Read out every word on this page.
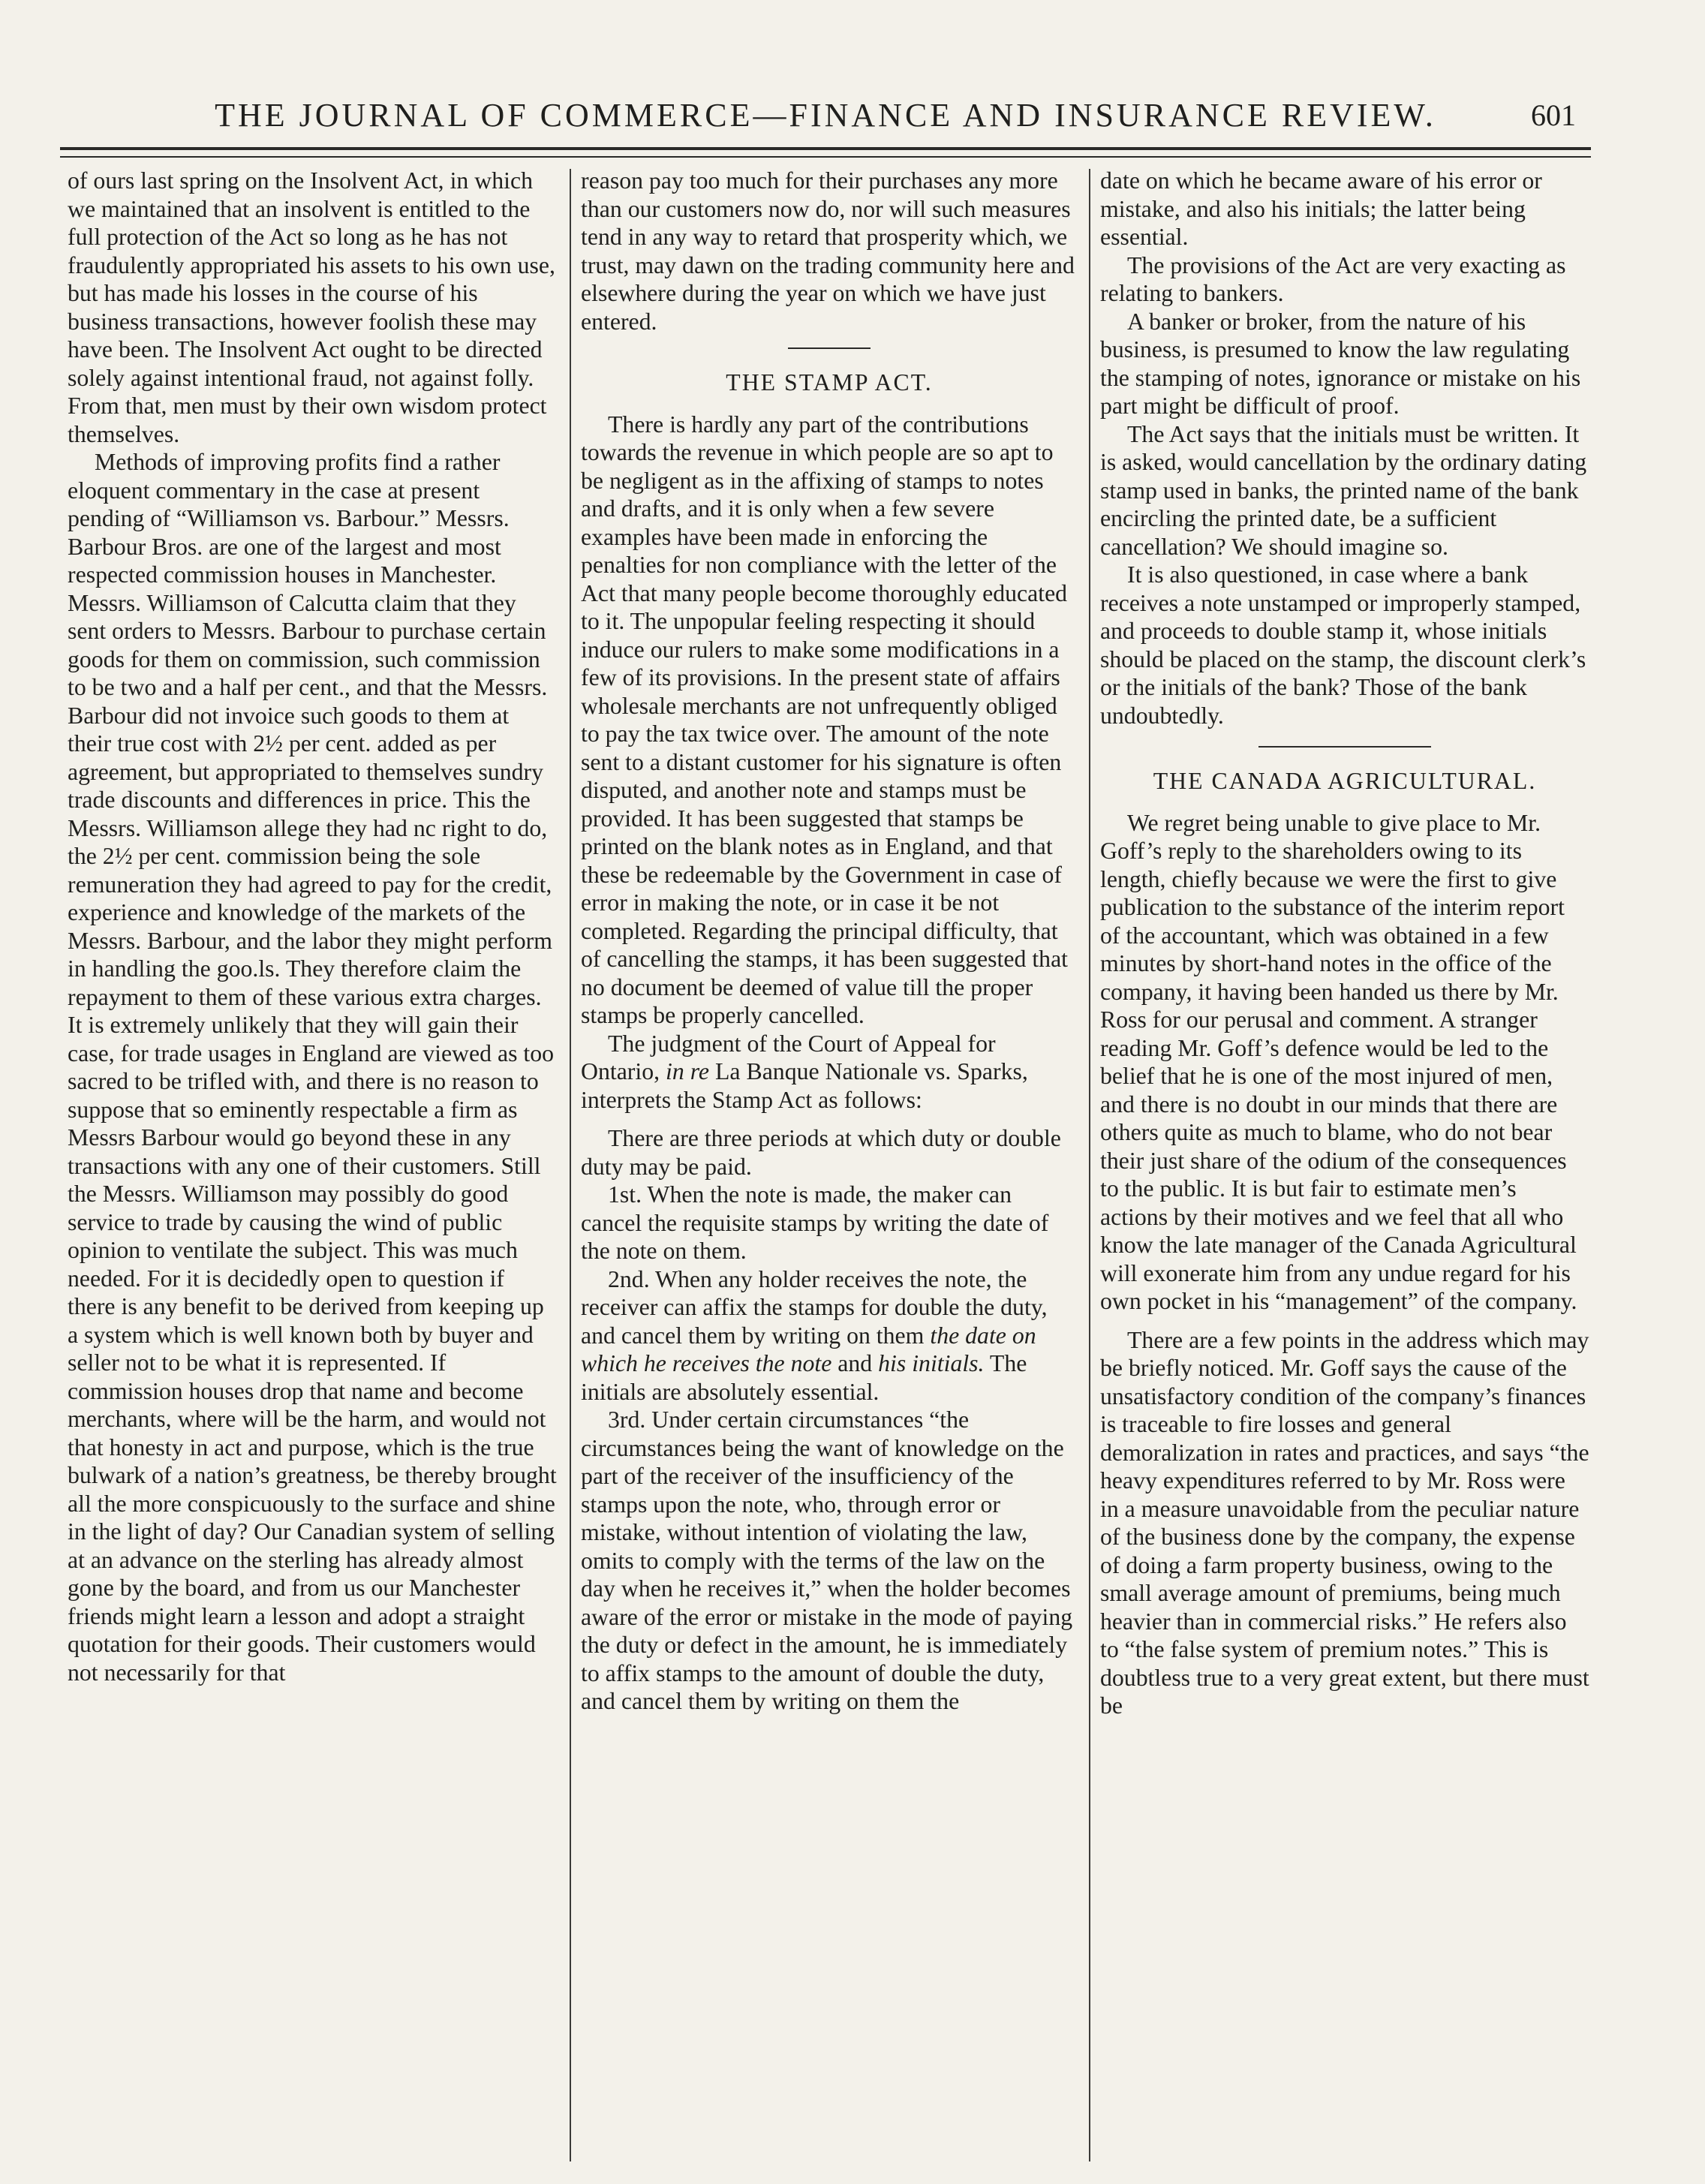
THE JOURNAL OF COMMERCE—FINANCE AND INSURANCE REVIEW.	601

of ours last spring on the Insolvent Act, in which we maintained that an insolvent is entitled to the full protection of the Act so long as he has not fraudulently appropriated his assets to his own use, but has made his losses in the course of his business transactions, however foolish these may have been. The Insolvent Act ought to be directed solely against intentional fraud, not against folly. From that, men must by their own wisdom protect themselves.

Methods of improving profits find a rather eloquent commentary in the case at present pending of “Williamson vs. Barbour.” Messrs. Barbour Bros. are one of the largest and most respected commission houses in Manchester. Messrs. Williamson of Calcutta claim that they sent orders to Messrs. Barbour to purchase certain goods for them on commission, such commission to be two and a half per cent., and that the Messrs. Barbour did not invoice such goods to them at their true cost with 2½ per cent. added as per agreement, but appropriated to themselves sundry trade discounts and differences in price. This the Messrs. Williamson allege they had nc right to do, the 2½ per cent. commission being the sole remuneration they had agreed to pay for the credit, experience and knowledge of the markets of the Messrs. Barbour, and the labor they might perform in handling the goo.ls. They therefore claim the repayment to them of these various extra charges. It is extremely unlikely that they will gain their case, for trade usages in England are viewed as too sacred to be trifled with, and there is no reason to suppose that so eminently respectable a firm as Messrs Barbour would go beyond these in any transactions with any one of their customers. Still the Messrs. Williamson may possibly do good service to trade by causing the wind of public opinion to ventilate the subject. This was much needed. For it is decidedly open to question if there is any benefit to be derived from keeping up a system which is well known both by buyer and seller not to be what it is represented. If commission houses drop that name and become merchants, where will be the harm, and would not that honesty in act and purpose, which is the true bulwark of a nation’s greatness, be thereby brought all the more conspicuously to the surface and shine in the light of day? Our Canadian system of selling at an advance on the sterling has already almost gone by the board, and from us our Manchester friends might learn a lesson and adopt a straight quotation for their goods. Their customers would not necessarily for that

reason pay too much for their purchases any more than our customers now do, nor will such measures tend in any way to retard that prosperity which, we trust, may dawn on the trading community here and elsewhere during the year on which we have just entered.

THE STAMP ACT.

There is hardly any part of the contributions towards the revenue in which people are so apt to be negligent as in the affixing of stamps to notes and drafts, and it is only when a few severe examples have been made in enforcing the penalties for non compliance with the letter of the Act that many people become thoroughly educated to it. The unpopular feeling respecting it should induce our rulers to make some modifications in a few of its provisions. In the present state of affairs wholesale merchants are not unfrequently obliged to pay the tax twice over. The amount of the note sent to a distant customer for his signature is often disputed, and another note and stamps must be provided. It has been suggested that stamps be printed on the blank notes as in England, and that these be redeemable by the Government in case of error in making the note, or in case it be not completed. Regarding the principal difficulty, that of cancelling the stamps, it has been suggested that no document be deemed of value till the proper stamps be properly cancelled.

The judgment of the Court of Appeal for Ontario, in re La Banque Nationale vs. Sparks, interprets the Stamp Act as follows:

There are three periods at which duty or double duty may be paid.

1st. When the note is made, the maker can cancel the requisite stamps by writing the date of the note on them.

2nd. When any holder receives the note, the receiver can affix the stamps for double the duty, and cancel them by writing on them the date on which he receives the note and his initials. The initials are absolutely essential.

3rd. Under certain circumstances “the circumstances being the want of knowledge on the part of the receiver of the insufficiency of the stamps upon the note, who, through error or mistake, without intention of violating the law, omits to comply with the terms of the law on the day when he receives it,” when the holder becomes aware of the error or mistake in the mode of paying the duty or defect in the amount, he is immediately to affix stamps to the amount of double the duty, and cancel them by writing on them the

date on which he became aware of his error or mistake, and also his initials; the latter being essential.

The provisions of the Act are very exacting as relating to bankers.

A banker or broker, from the nature of his business, is presumed to know the law regulating the stamping of notes, ignorance or mistake on his part might be difficult of proof.

The Act says that the initials must be written. It is asked, would cancellation by the ordinary dating stamp used in banks, the printed name of the bank encircling the printed date, be a sufficient cancellation? We should imagine so.

It is also questioned, in case where a bank receives a note unstamped or improperly stamped, and proceeds to double stamp it, whose initials should be placed on the stamp, the discount clerk’s or the initials of the bank? Those of the bank undoubtedly.

THE CANADA AGRICULTURAL.

We regret being unable to give place to Mr. Goff’s reply to the shareholders owing to its length, chiefly because we were the first to give publication to the substance of the interim report of the accountant, which was obtained in a few minutes by short-hand notes in the office of the company, it having been handed us there by Mr. Ross for our perusal and comment. A stranger reading Mr. Goff’s defence would be led to the belief that he is one of the most injured of men, and there is no doubt in our minds that there are others quite as much to blame, who do not bear their just share of the odium of the consequences to the public. It is but fair to estimate men’s actions by their motives and we feel that all who know the late manager of the Canada Agricultural will exonerate him from any undue regard for his own pocket in his “management” of the company.

There are a few points in the address which may be briefly noticed. Mr. Goff says the cause of the unsatisfactory condition of the company’s finances is traceable to fire losses and general demoralization in rates and practices, and says “the heavy expenditures referred to by Mr. Ross were in a measure unavoidable from the peculiar nature of the business done by the company, the expense of doing a farm property business, owing to the small average amount of premiums, being much heavier than in commercial risks.” He refers also to “the false system of premium notes.” This is doubtless true to a very great extent, but there must be
